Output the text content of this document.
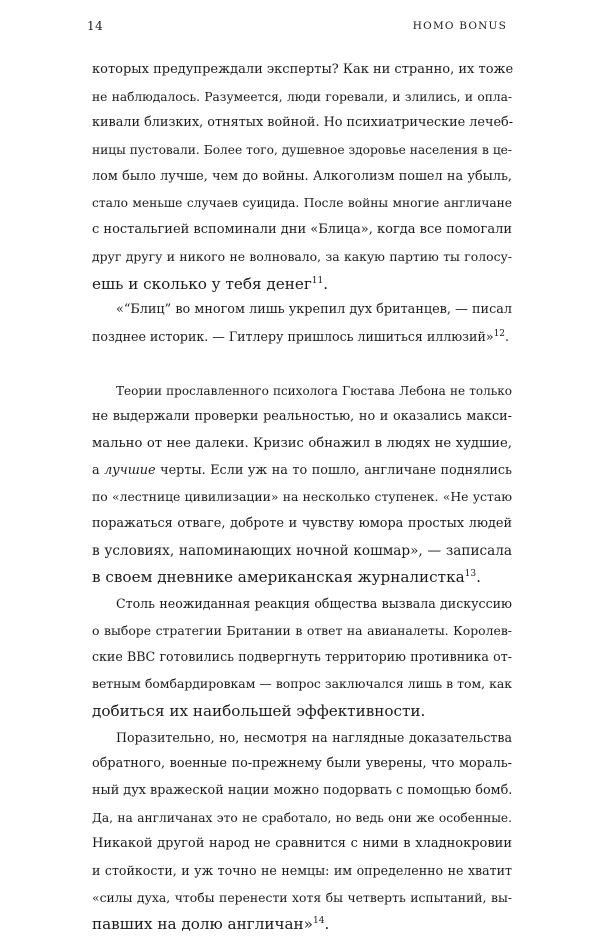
14	HOMO BONUS
которых предупреждали эксперты? Как ни странно, их тоже
не наблюдалось. Разумеется, люди горевали, и злились, и опла-
кивали близких, отнятых войной. Но психиатрические лечеб-
ницы пустовали. Более того, душевное здоровье населения в це-
лом было лучше, чем до войны. Алкоголизм пошел на убыль,
стало меньше случаев суицида. После войны многие англичане
с ностальгией вспоминали дни «Блица», когда все помогали
друг другу и никого не волновало, за какую партию ты голосу-
ешь и сколько у тебя денег$^{11}$.
«“Блиц” во многом лишь укрепил дух британцев, — писал
позднее историк. — Гитлеру пришлось лишиться иллюзий»$^{12}$.
Теории прославленного психолога Гюстава Лебона не только
не выдержали проверки реальностью, но и оказались макси-
мально от нее далеки. Кризис обнажил в людях не худшие,
а лучшие черты. Если уж на то пошло, англичане поднялись
по «лестнице цивилизации» на несколько ступенек. «Не устаю
поражаться отваге, доброте и чувству юмора простых людей
в условиях, напоминающих ночной кошмар», — записала
в своем дневнике американская журналистка$^{13}$.
Столь неожиданная реакция общества вызвала дискуссию
о выборе стратегии Британии в ответ на авианалеты. Королев-
ские ВВС готовились подвергнуть территорию противника от-
ветным бомбардировкам — вопрос заключался лишь в том, как
добиться их наибольшей эффективности.
Поразительно, но, несмотря на наглядные доказательства
обратного, военные по-прежнему были уверены, что мораль-
ный дух вражеской нации можно подорвать с помощью бомб.
Да, на англичанах это не сработало, но ведь они же особенные.
Никакой другой народ не сравнится с ними в хладнокровии
и стойкости, и уж точно не немцы: им определенно не хватит
«силы духа, чтобы перенести хотя бы четверть испытаний, вы-
павших на долю англичан»$^{14}$.
